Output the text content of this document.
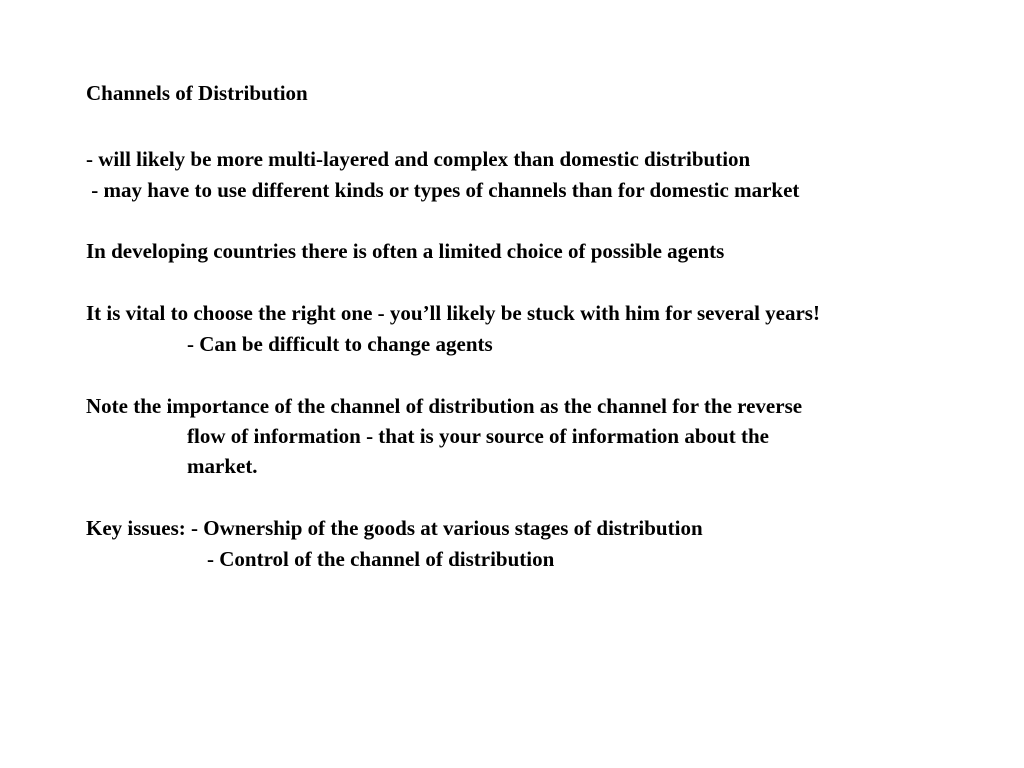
Channels of Distribution
- will likely be more multi-layered and complex than domestic distribution
- may have to use different kinds or types of channels than for domestic market
In developing countries there is often a limited choice of possible agents
It is vital to choose the right one - you’ll likely be stuck with him for several years!
- Can be difficult to change agents
Note the importance of the channel of distribution as the channel for the reverse
flow of information - that is your source of information about the
market.
Key issues: - Ownership of the goods at various stages of distribution
- Control of the channel of distribution
